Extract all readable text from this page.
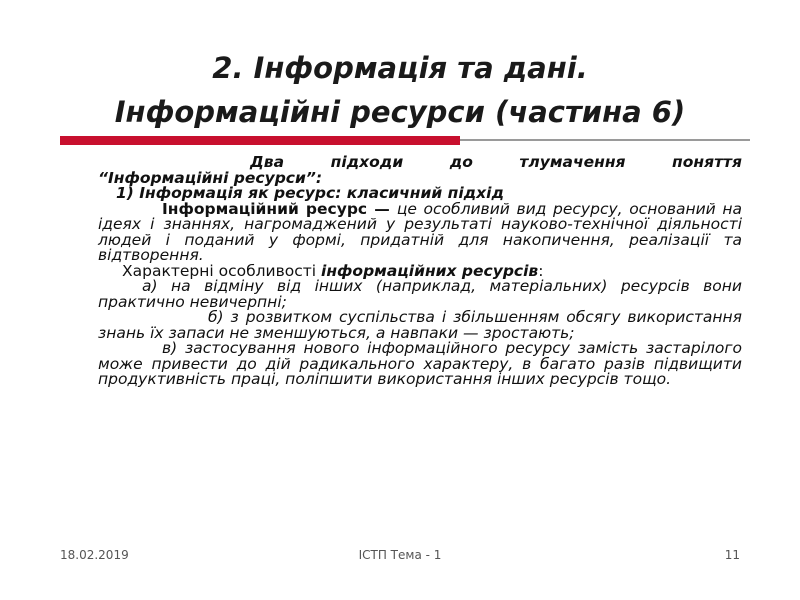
2. Інформація та дані.
Інформаційні ресурси (частина 6)

Два підходи до тлумачення поняття

“Інформаційні ресурси”:

1) Інформація як ресурс: класичний підхід

Інформаційний ресурс — це особливий вид ресурсу, оснований на ідеях і знаннях, нагромаджений у результаті науково-технічної діяльності людей і поданий у формі, придатній для накопичення, реалізації та відтворення.

Характерні особливості інформаційних ресурсів:

а) на відміну від інших (наприклад, матеріальних) ресурсів вони практично невичерпні;

б) з розвитком суспільства і збільшенням обсягу використання знань їх запаси не зменшуються, а навпаки — зростають;

в) застосування нового інформаційного ресурсу замість застарілого може привести до дій радикального характеру, в багато разів підвищити продуктивність праці, поліпшити використання інших ресурсів тощо.

18.02.2019	ІСТП Тема - 1	11
